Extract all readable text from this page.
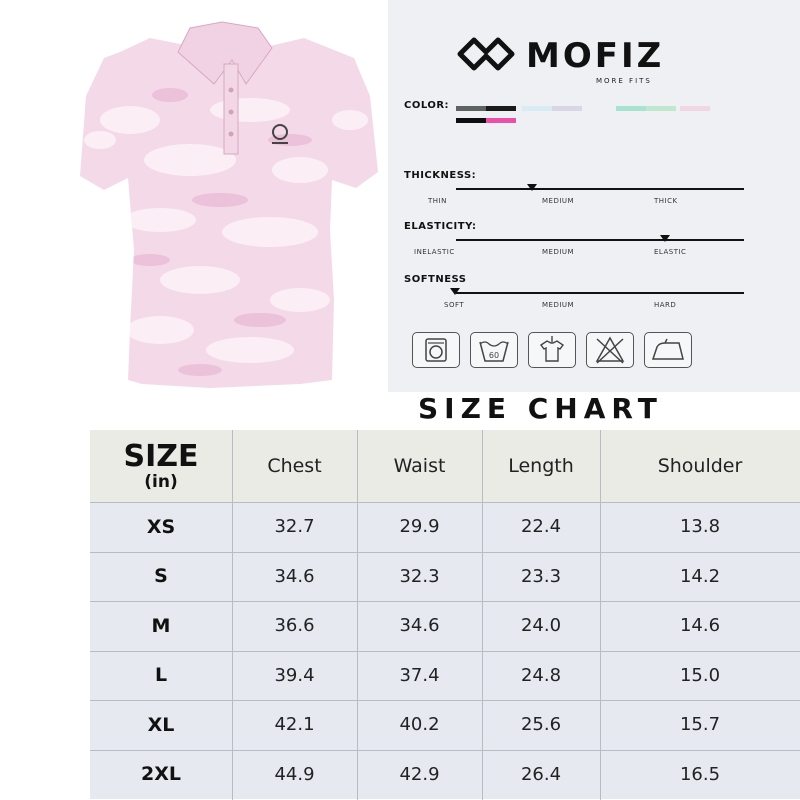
MOFIZ
MORE FITS
COLOR:
THICKNESS:
THIN	MEDIUM	THICK
ELASTICITY:
INELASTIC	MEDIUM	ELASTIC
SOFTNESS
SOFT	MEDIUM	HARD
60
SIZE CHART
SIZE
(in)
Chest	Waist	Length	Shoulder
XS	32.7	29.9	22.4	13.8
S	34.6	32.3	23.3	14.2
M	36.6	34.6	24.0	14.6
L	39.4	37.4	24.8	15.0
XL	42.1	40.2	25.6	15.7
2XL	44.9	42.9	26.4	16.5
